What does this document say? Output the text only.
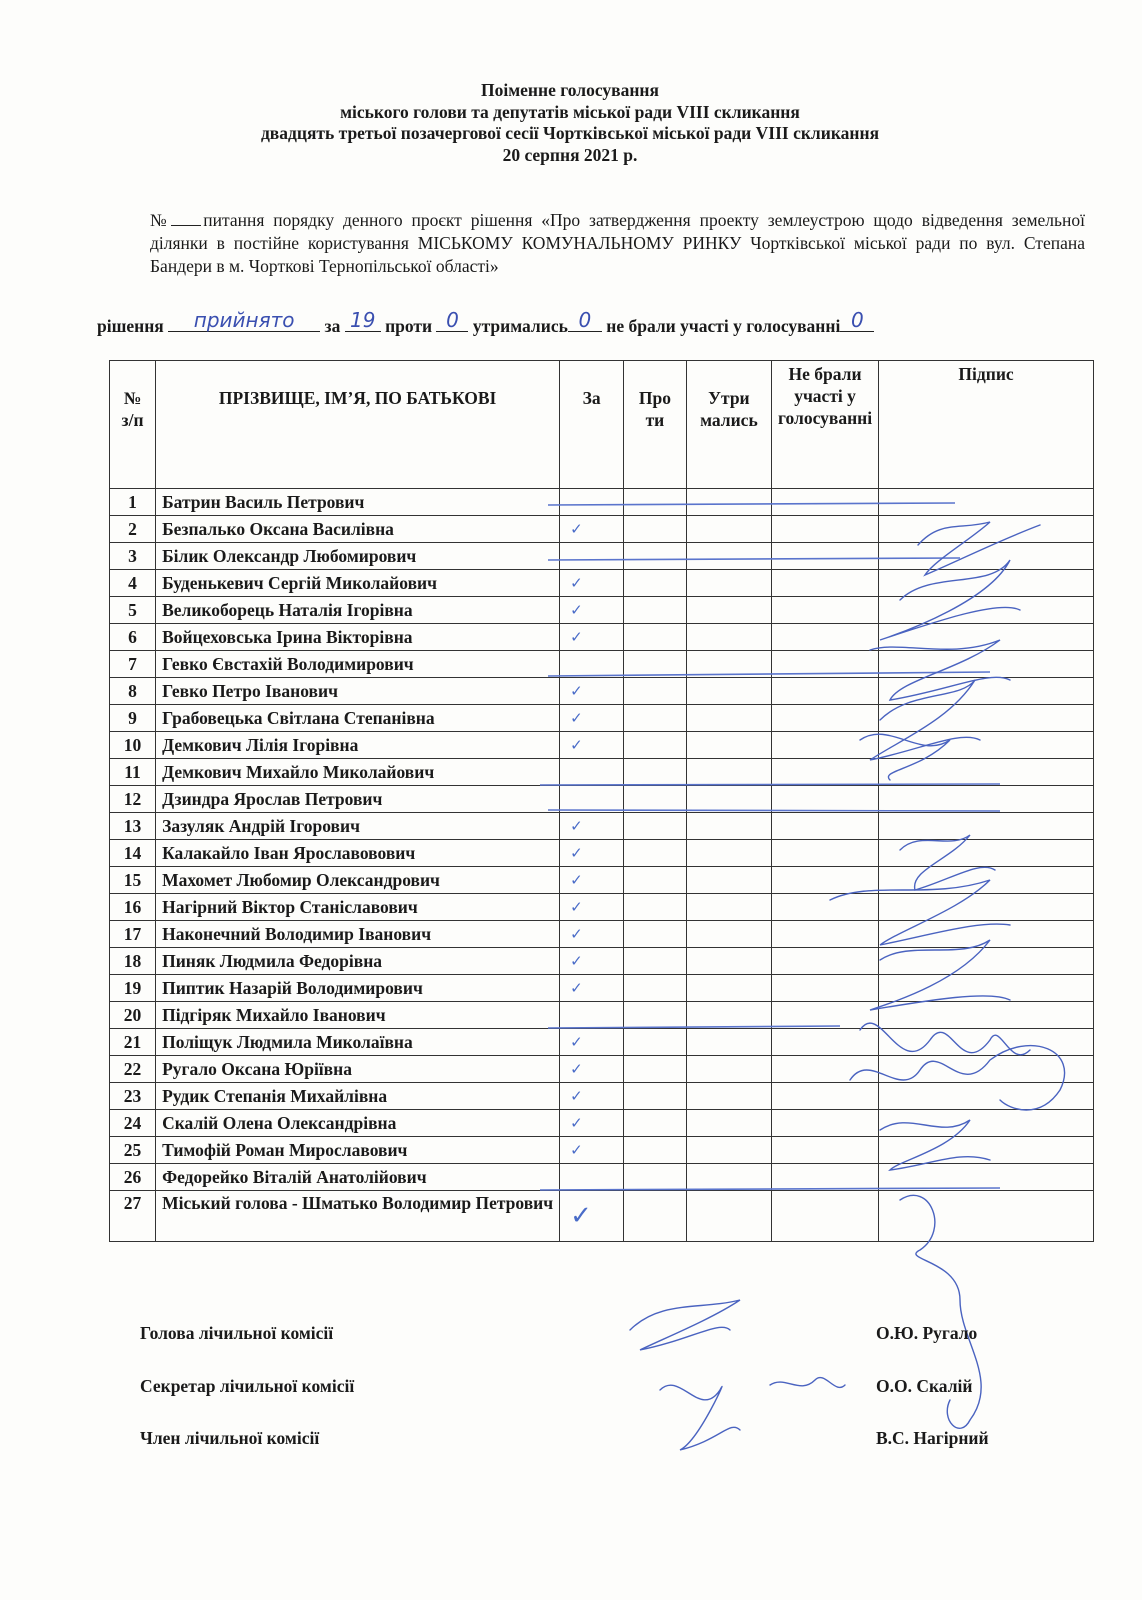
Поіменне голосування
міського голови та депутатів міської ради VIII скликання
двадцять третьої позачергової сесії Чортківської міської ради VIII скликання
20 серпня 2021 р.
№ питання порядку денного проєкт рішення «Про затвердження проекту землеустрою щодо відведення земельної ділянки в постійне користування МІСЬКОМУ КОМУНАЛЬНОМУ РИНКУ Чортківської міської ради по вул. Степана Бандери в м. Чорткові Тернопільської області»
рішення	прийнято	за 19 проти 0 утримались 0 не брали участі у голосуванні 0
№ з/п	ПРІЗВИЩЕ, ІМ’Я, ПО БАТЬКОВІ	За	Про ти	Утри мались	Не брали участі у голосуванні	Підпис
1	Батрин Василь Петрович					
2	Безпалько Оксана Василівна	✓				
3	Білик Олександр Любомирович					
4	Буденькевич Сергій Миколайович	✓				
5	Великоборець Наталія Ігорівна	✓				
6	Войцеховська Ірина Вікторівна	✓				
7	Гевко Євстахій Володимирович					
8	Гевко Петро Іванович	✓				
9	Грабовецька Світлана Степанівна	✓				
10	Демкович Лілія Ігорівна	✓				
11	Демкович Михайло Миколайович					
12	Дзиндра Ярослав Петрович					
13	Зазуляк Андрій Ігорович	✓				
14	Калакайло Іван Ярославовович	✓				
15	Махомет Любомир Олександрович	✓				
16	Нагірний Віктор Станіславович	✓				
17	Наконечний Володимир Іванович	✓				
18	Пиняк Людмила Федорівна	✓				
19	Пиптик Назарій Володимирович	✓				
20	Підгіряк Михайло Іванович					
21	Поліщук Людмила Миколаївна	✓				
22	Ругало Оксана Юріївна	✓				
23	Рудик Степанія Михайлівна	✓				
24	Скалій Олена Олександрівна	✓				
25	Тимофій Роман Мирославович	✓				
26	Федорейко Віталій Анатолійович					
27	Міський голова - Шматько Володимир Петрович	✓				
Голова лічильної комісії	О.Ю. Ругало
Секретар лічильної комісії	О.О. Скалій
Член лічильної комісії	В.С. Нагірний
